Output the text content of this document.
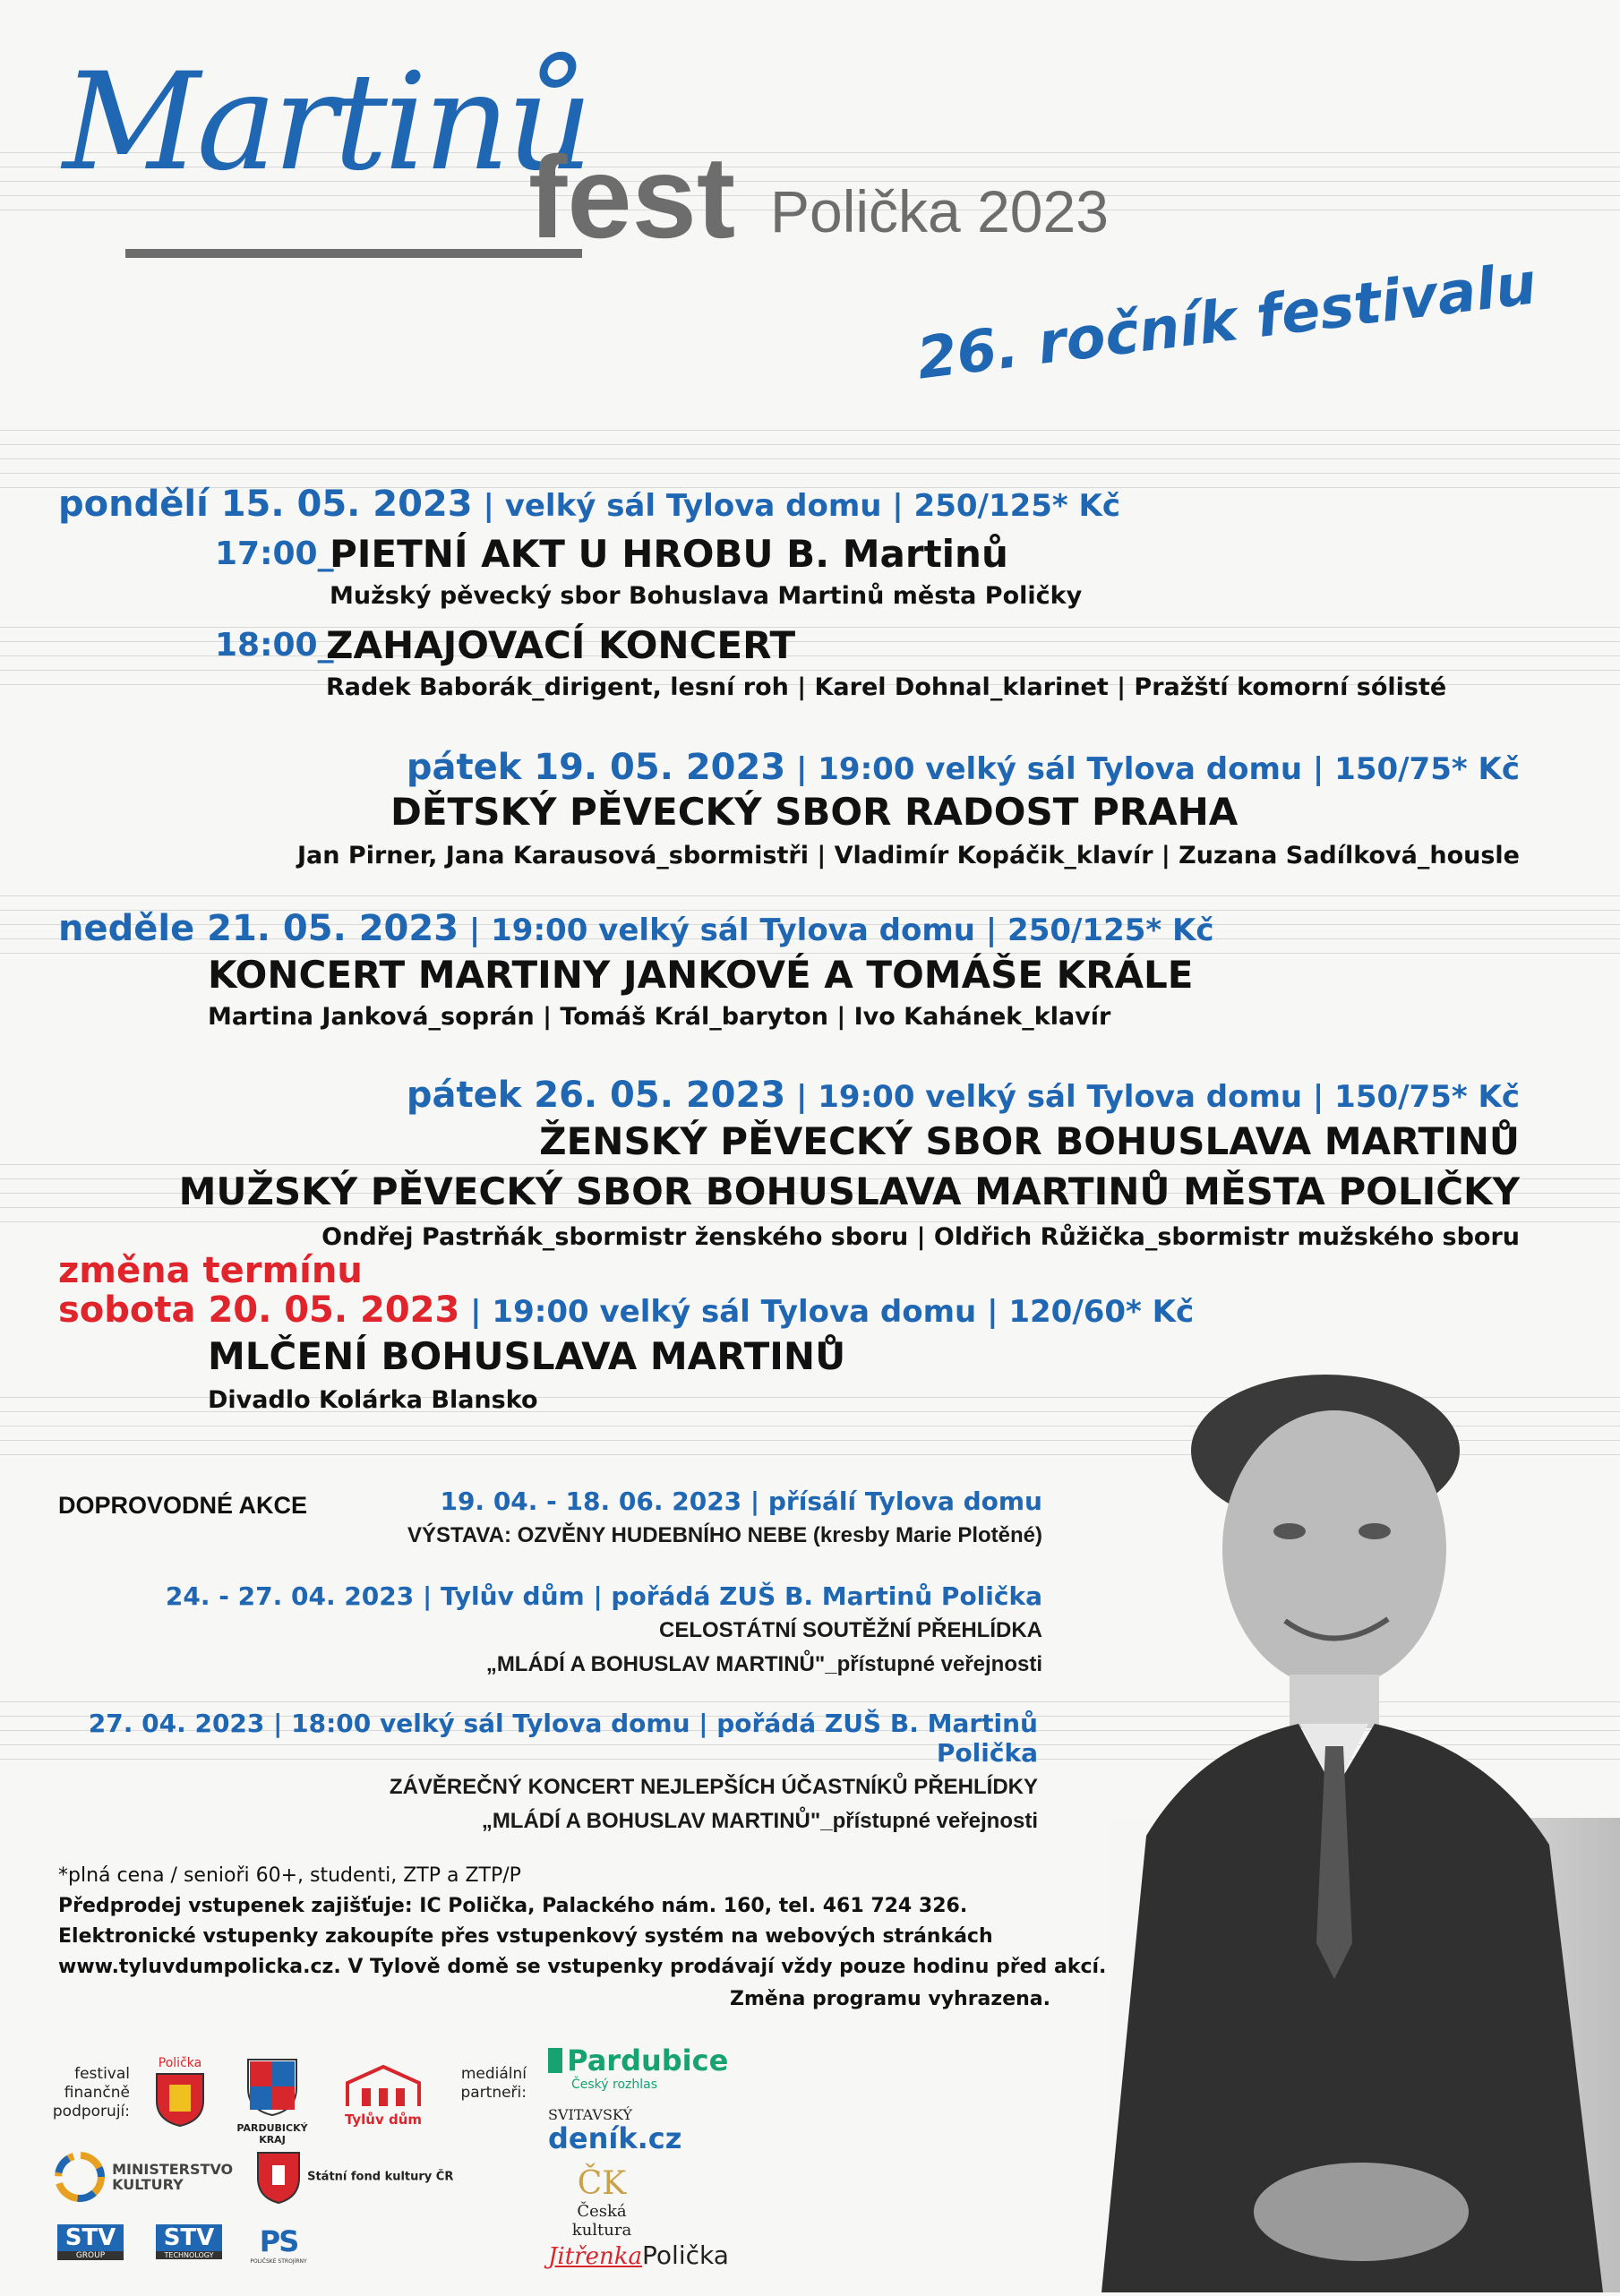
Martinů
fest Polička 2023
26. ročník festivalu
pondělí 15. 05. 2023 | velký sál Tylova domu | 250/125* Kč
17:00_
PIETNÍ AKT U HROBU B. Martinů
Mužský pěvecký sbor Bohuslava Martinů města Poličky
18:00_
ZAHAJOVACÍ KONCERT
Radek Baborák_dirigent, lesní roh | Karel Dohnal_klarinet | Pražští komorní sólisté
pátek 19. 05. 2023 | 19:00 velký sál Tylova domu | 150/75* Kč
DĚTSKÝ PĚVECKÝ SBOR RADOST PRAHA
Jan Pirner, Jana Karausová_sbormistři | Vladimír Kopáčik_klavír | Zuzana Sadílková_housle
neděle 21. 05. 2023 | 19:00 velký sál Tylova domu | 250/125* Kč
KONCERT MARTINY JANKOVÉ A TOMÁŠE KRÁLE
Martina Janková_soprán | Tomáš Král_baryton | Ivo Kahánek_klavír
pátek 26. 05. 2023 | 19:00 velký sál Tylova domu | 150/75* Kč
ŽENSKÝ PĚVECKÝ SBOR BOHUSLAVA MARTINŮ
MUŽSKÝ PĚVECKÝ SBOR BOHUSLAVA MARTINŮ MĚSTA POLIČKY
Ondřej Pastrňák_sbormistr ženského sboru | Oldřich Růžička_sbormistr mužského sboru
změna termínu
sobota 20. 05. 2023 | 19:00 velký sál Tylova domu | 120/60* Kč
MLČENÍ BOHUSLAVA MARTINŮ
Divadlo Kolárka Blansko
DOPROVODNÉ AKCE	19. 04. - 18. 06. 2023 | přísálí Tylova domu
VÝSTAVA: OZVĚNY HUDEBNÍHO NEBE (kresby Marie Plotěné)
24. - 27. 04. 2023 | Tylův dům | pořádá ZUŠ B. Martinů Polička
CELOSTÁTNÍ SOUTĚŽNÍ PŘEHLÍDKA
„MLÁDÍ A BOHUSLAV MARTINŮ"_přístupné veřejnosti
27. 04. 2023 | 18:00 velký sál Tylova domu | pořádá ZUŠ B. Martinů Polička
ZÁVĚREČNÝ KONCERT NEJLEPŠÍCH ÚČASTNÍKŮ PŘEHLÍDKY
„MLÁDÍ A BOHUSLAV MARTINŮ"_přístupné veřejnosti
*plná cena / senioři 60+, studenti, ZTP a ZTP/P
Předprodej vstupenek zajišťuje: IC Polička, Palackého nám. 160, tel. 461 724 326.
Elektronické vstupenky zakoupíte přes vstupenkový systém na webových stránkách
www.tyluvdumpolicka.cz. V Tylově domě se vstupenky prodávají vždy pouze hodinu před akcí.
Změna programu vyhrazena.
festival
finančně
podporují:
Polička
PARDUBICKÝ KRAJ
Tylův dům
mediální
partneři:
Pardubice
Český rozhlas
SVITAVSKÝ
deník.cz
ČK
Česká kultura
JitřenkaPolička
MINISTERSTVO
KULTURY	Státní fond kultury ČR
STV
GROUP
STV
TECHNOLOGY	PS
POLIČSKÉ STROJÍRNY
